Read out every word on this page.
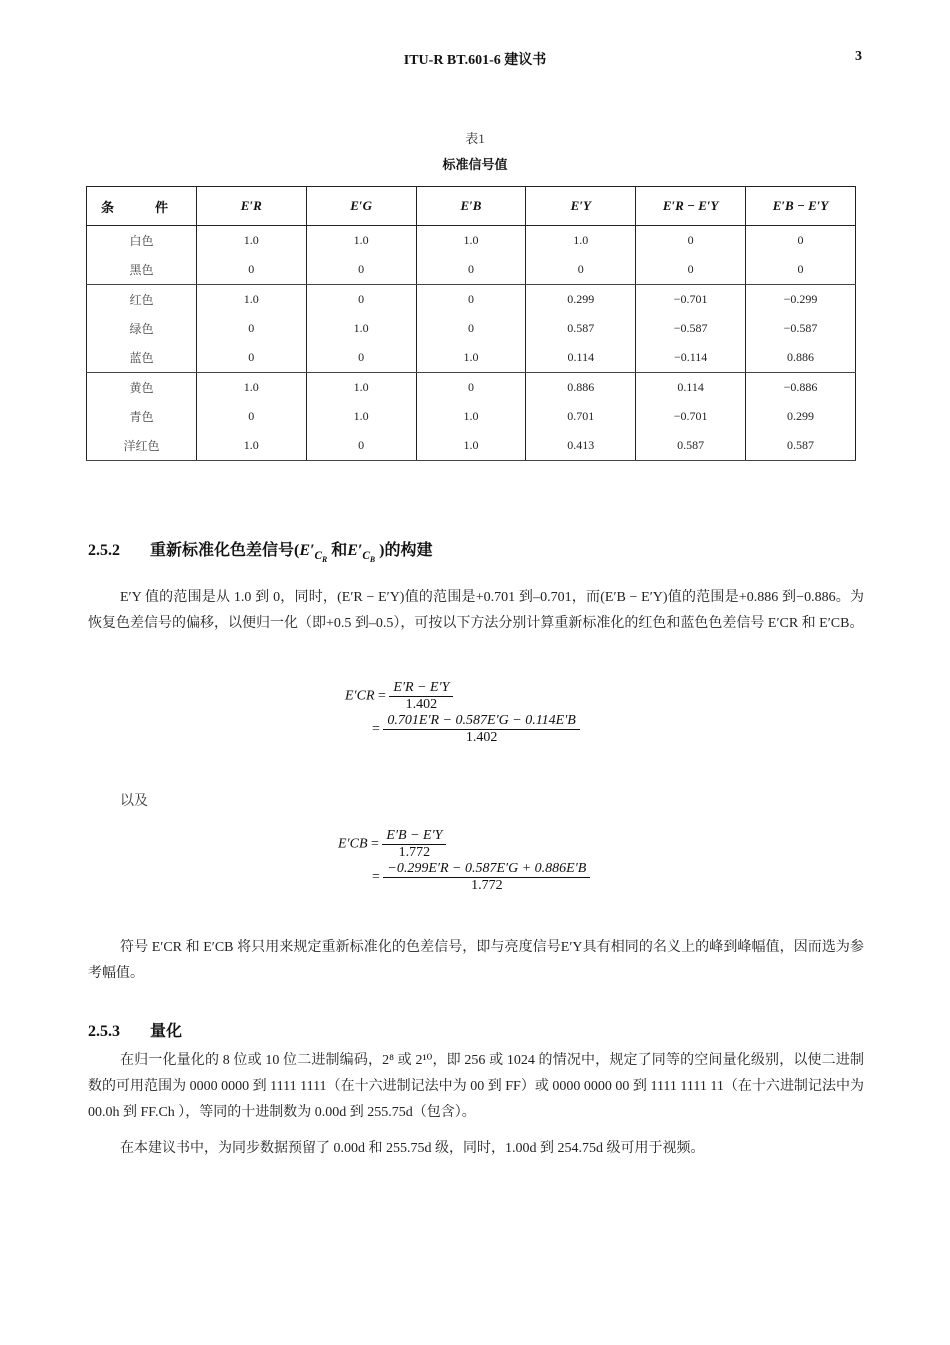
ITU-R BT.601-6 建议书	3
表1
标准信号值
条　件	E′R	E′G	E′B	E′Y	E′R − E′Y	E′B − E′Y
白色	1.0	1.0	1.0	1.0	0	0
黑色	0	0	0	0	0	0
红色	1.0	0	0	0.299	−0.701	−0.299
绿色	0	1.0	0	0.587	−0.587	−0.587
蓝色	0	0	1.0	0.114	−0.114	0.886
黄色	1.0	1.0	0	0.886	0.114	−0.886
青色	0	1.0	1.0	0.701	−0.701	0.299
洋红色	1.0	0	1.0	0.413	0.587	0.587
2.5.2 重新标准化色差信号($E'_{C_R}$ 和$E'_{C_B}$ )的构建
E′Y 值的范围是从 1.0 到 0，同时，(E′R − E′Y)值的范围是+0.701 到–0.701，而(E′B − E′Y)值的范围是+0.886 到−0.886。为恢复色差信号的偏移，以便归一化（即+0.5 到–0.5），可按以下方法分别计算重新标准化的红色和蓝色色差信号 E′CR 和 E′CB。
$E'CR = \frac{E'R - E'Y}{1.402}$
= $\frac{0.701E'R - 0.587E'G - 0.114E'B}{1.402}$
以及
$E'CB = \frac{E'B - E'Y}{1.772}$
= $\frac{-0.299E'R - 0.587E'G + 0.886E'B}{1.772}$
符号 E′CR 和 E′CB 将只用来规定重新标准化的色差信号，即与亮度信号E′Y具有相同的名义上的峰到峰幅值，因而选为参考幅值。
2.5.3 量化
在归一化量化的 8 位或 10 位二进制编码，2⁸ 或 2¹⁰，即 256 或 1024 的情况中，规定了同等的空间量化级别，以使二进制数的可用范围为 0000 0000 到 1111 1111（在十六进制记法中为 00 到 FF）或 0000 0000 00 到 1111 1111 11（在十六进制记法中为 00.0h 到 FF.Ch ），等同的十进制数为 0.00d 到 255.75d（包含）。
在本建议书中，为同步数据预留了 0.00d 和 255.75d 级，同时，1.00d 到 254.75d 级可用于视频。
